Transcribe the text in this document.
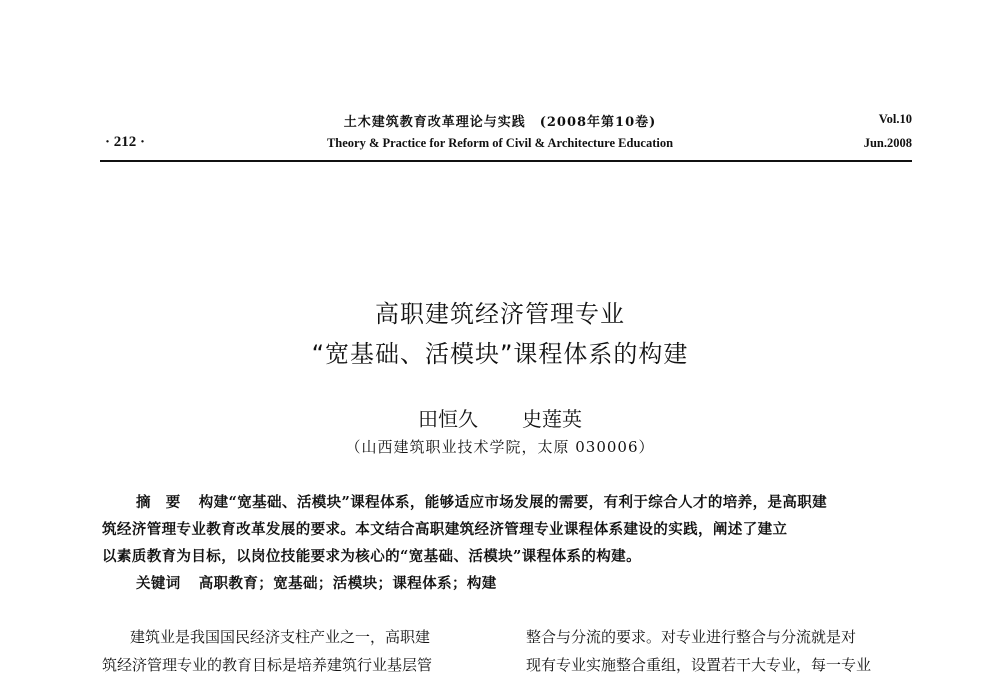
土木建筑教育改革理论与实践　(2008年第10卷)
Theory & Practice for Reform of Civil & Architecture Education
· 212 ·
Vol.10
Jun.2008
高职建筑经济管理专业
“宽基础、活模块”课程体系的构建
田恒久 史莲英
（山西建筑职业技术学院，太原 030006）
摘　要 构建“宽基础、活模块”课程体系，能够适应市场发展的需要，有利于综合人才的培养，是高职建
筑经济管理专业教育改革发展的要求。本文结合高职建筑经济管理专业课程体系建设的实践，阐述了建立
以素质教育为目标，以岗位技能要求为核心的“宽基础、活模块”课程体系的构建。
关键词 高职教育；宽基础；活模块；课程体系；构建
建筑业是我国国民经济支柱产业之一，高职建
筑经济管理专业的教育目标是培养建筑行业基层管
整合与分流的要求。对专业进行整合与分流就是对
现有专业实施整合重组，设置若干大专业，每一专业
